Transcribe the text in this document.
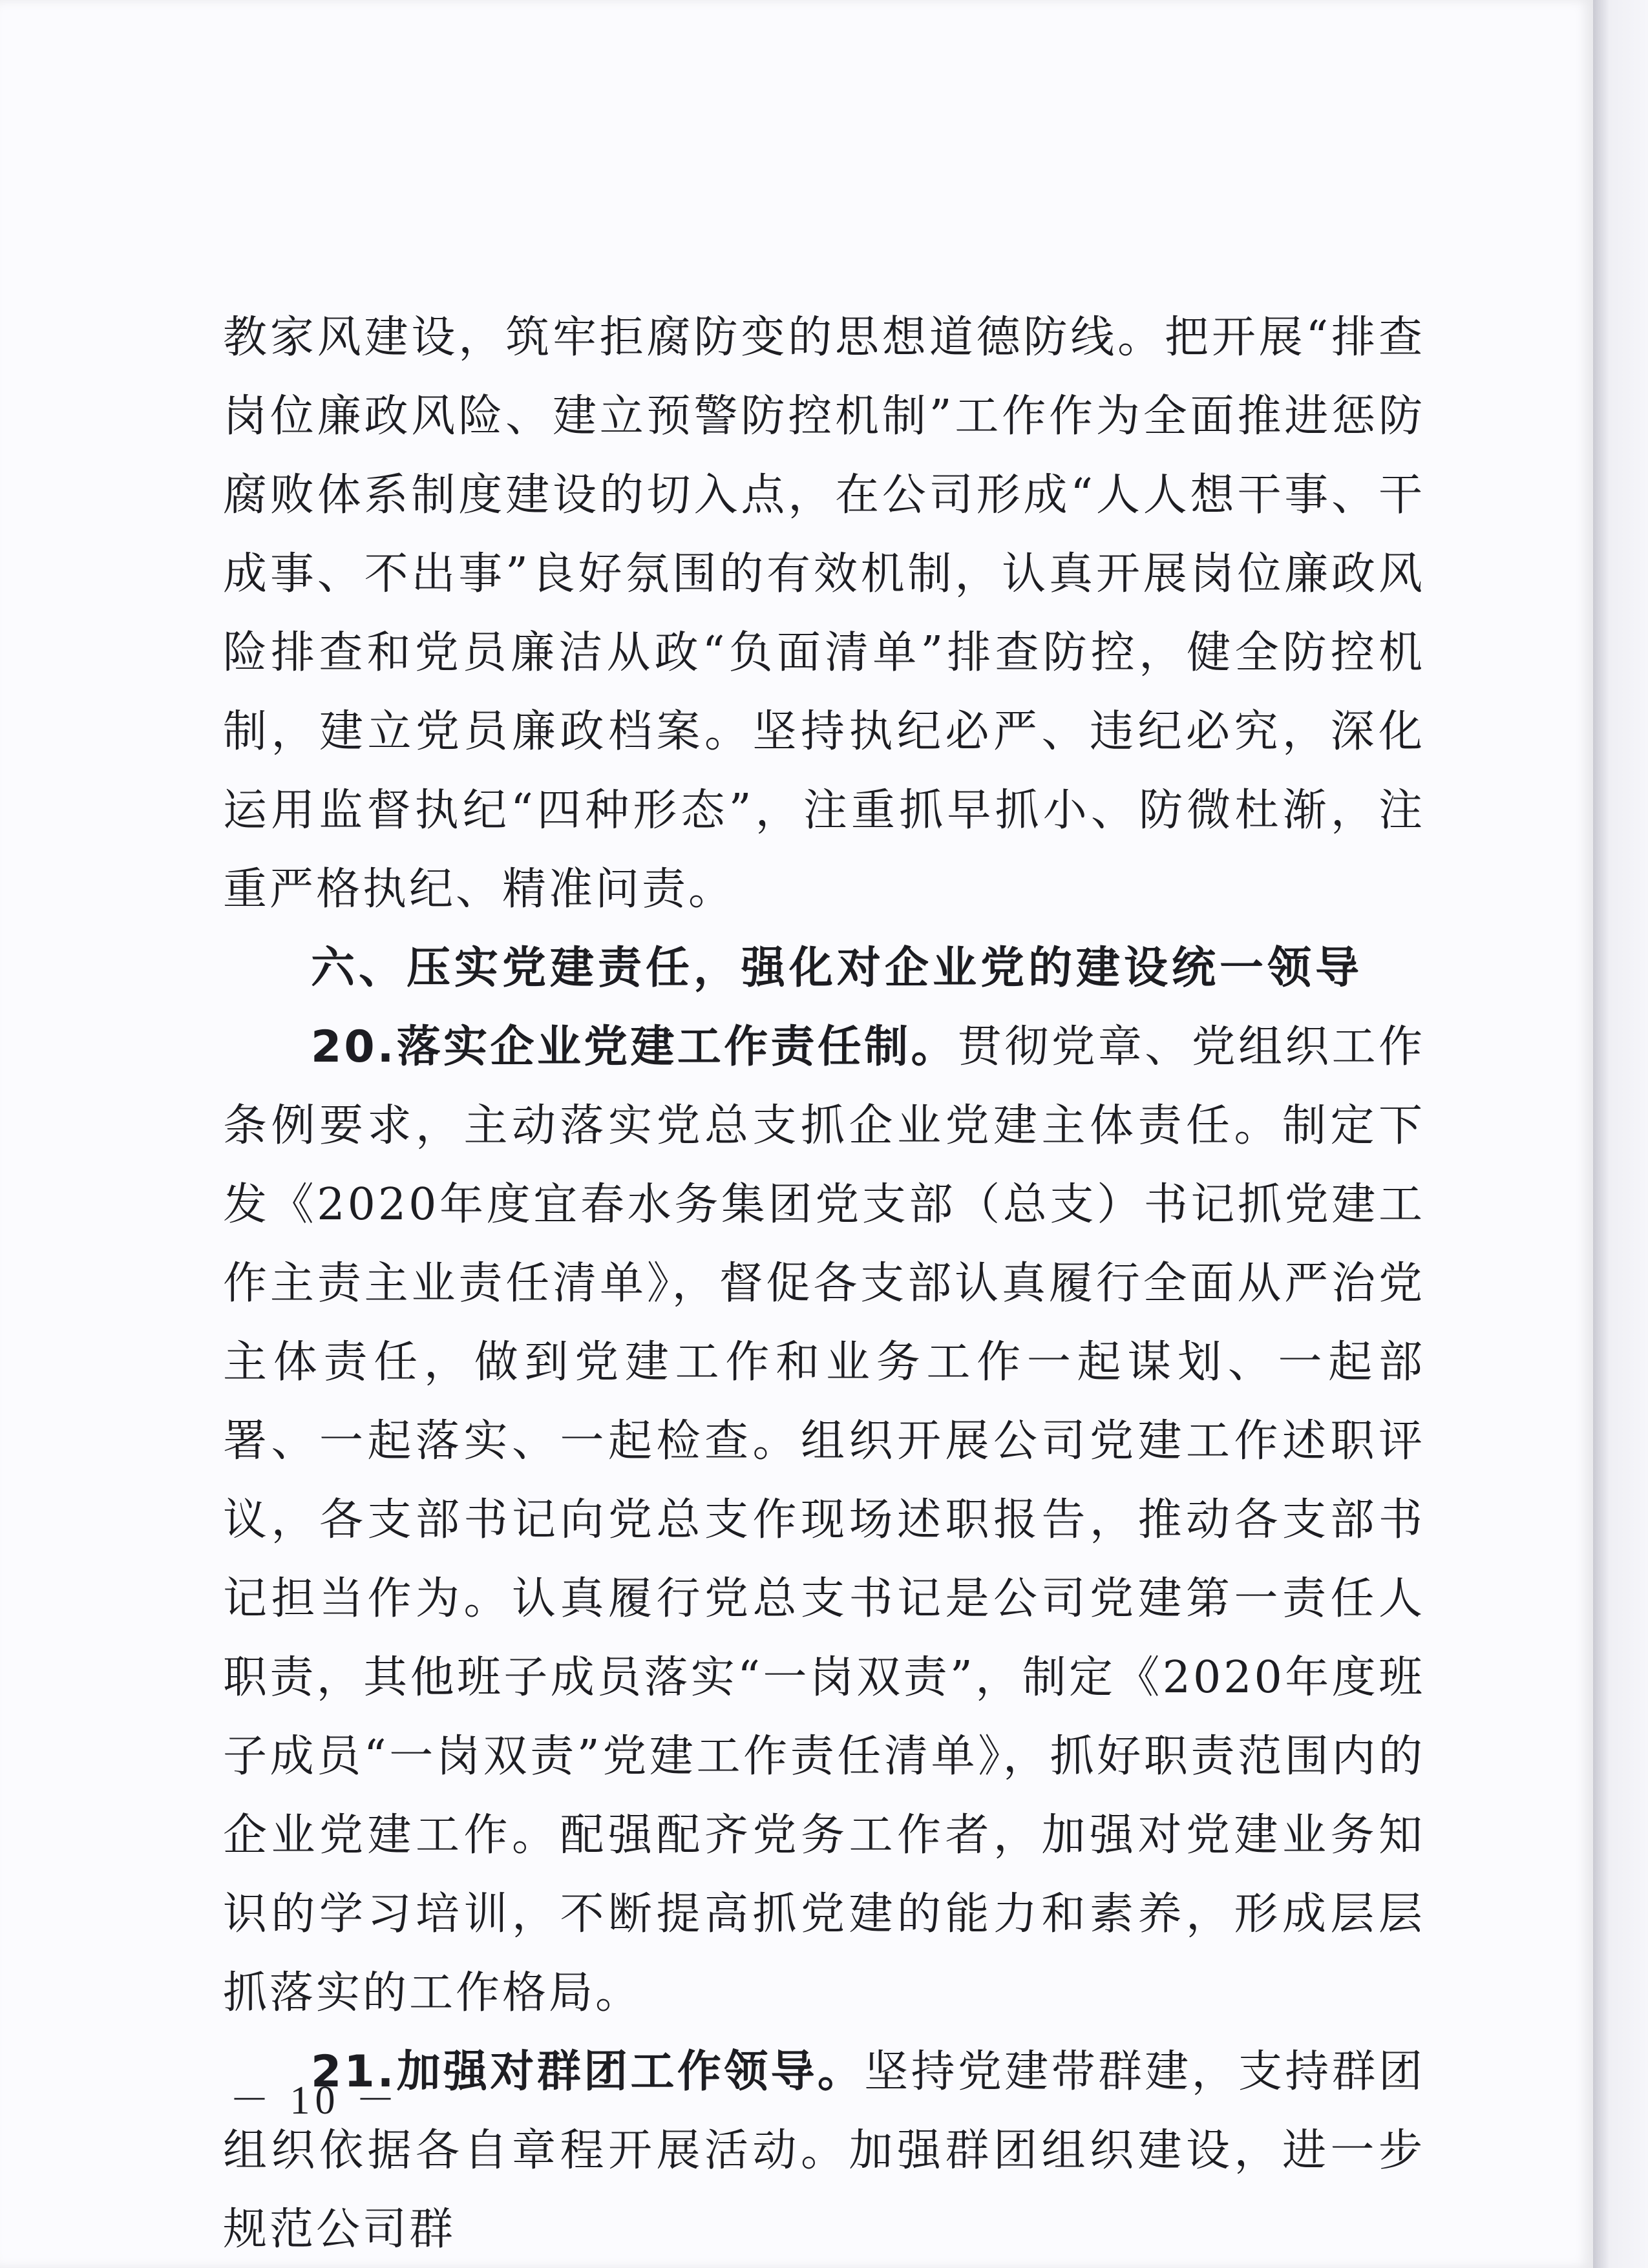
教家风建设，筑牢拒腐防变的思想道德防线。把开展“排查岗位廉政风险、建立预警防控机制”工作作为全面推进惩防腐败体系制度建设的切入点，在公司形成“人人想干事、干成事、不出事”良好氛围的有效机制，认真开展岗位廉政风险排查和党员廉洁从政“负面清单”排查防控，健全防控机制，建立党员廉政档案。坚持执纪必严、违纪必究，深化运用监督执纪“四种形态”，注重抓早抓小、防微杜渐，注重严格执纪、精准问责。

六、压实党建责任，强化对企业党的建设统一领导

20.落实企业党建工作责任制。贯彻党章、党组织工作条例要求，主动落实党总支抓企业党建主体责任。制定下发《2020年度宜春水务集团党支部（总支）书记抓党建工作主责主业责任清单》，督促各支部认真履行全面从严治党主体责任，做到党建工作和业务工作一起谋划、一起部署、一起落实、一起检查。组织开展公司党建工作述职评议，各支部书记向党总支作现场述职报告，推动各支部书记担当作为。认真履行党总支书记是公司党建第一责任人职责，其他班子成员落实“一岗双责”，制定《2020年度班子成员“一岗双责”党建工作责任清单》，抓好职责范围内的企业党建工作。配强配齐党务工作者，加强对党建业务知识的学习培训，不断提高抓党建的能力和素养，形成层层抓落实的工作格局。

21.加强对群团工作领导。坚持党建带群建，支持群团组织依据各自章程开展活动。加强群团组织建设，进一步规范公司群

－ 10 －
